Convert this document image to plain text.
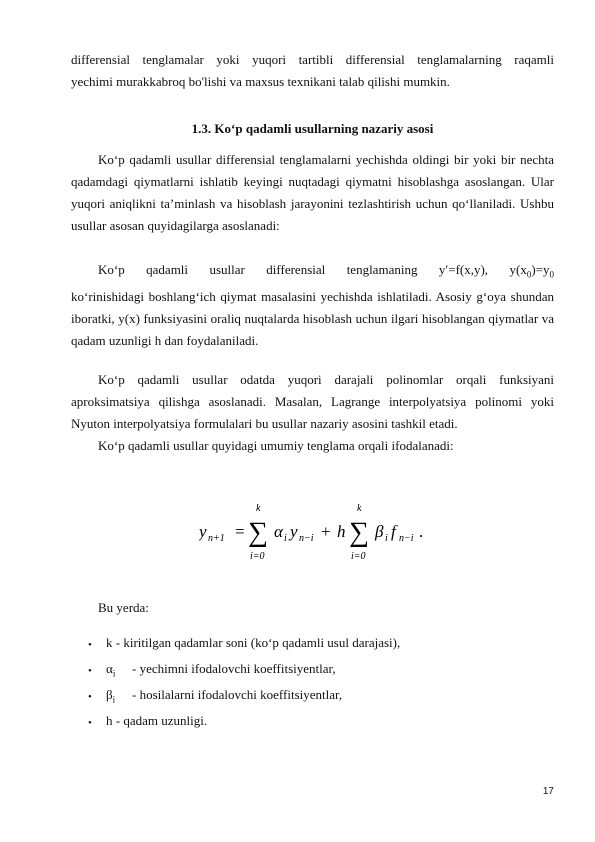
differensial tenglamalar yoki yuqori tartibli differensial tenglamalarning raqamli

yechimi murakkabroq bo'lishi va maxsus texnikani talab qilishi mumkin.

1.3. Ko‘p qadamli usullarning nazariy asosi

Ko‘p qadamli usullar differensial tenglamalarni yechishda oldingi bir yoki bir nechta qadamdagi qiymatlarni ishlatib keyingi nuqtadagi qiymatni hisoblashga asoslangan. Ular yuqori aniqlikni ta’minlash va hisoblash jarayonini tezlashtirish uchun qo‘llaniladi. Ushbu usullar asosan quyidagilarga asoslanadi:

Ko‘p qadamli usullar differensial tenglamaning y′=f(x,y), $y(x_0)=y_0$

ko‘rinishidagi boshlang‘ich qiymat masalasini yechishda ishlatiladi. Asosiy g‘oya shundan iboratki, y(x) funksiyasini oraliq nuqtalarda hisoblash uchun ilgari hisoblangan qiymatlar va qadam uzunligi h dan foydalaniladi.

Ko‘p qadamli usullar odatda yuqori darajali polinomlar orqali funksiyani aproksimatsiya qilishga asoslanadi. Masalan, Lagrange interpolyatsiya polinomi yoki Nyuton interpolyatsiya formulalari bu usullar nazariy asosini tashkil etadi.

Ko‘p qadamli usullar quyidagi umumiy tenglama orqali ifodalanadi:

y n+1 =
k
∑
i=0
α i y n−i + h
k
∑
i=0
β i f n−i .

Bu yerda:

• k - kiritilgan qadamlar soni (ko‘p qadamli usul darajasi),
• $\alpha_i$ - yechimni ifodalovchi koeffitsiyentlar,
• $\beta_i$ - hosilalarni ifodalovchi koeffitsiyentlar,
• h - qadam uzunligi.
17
